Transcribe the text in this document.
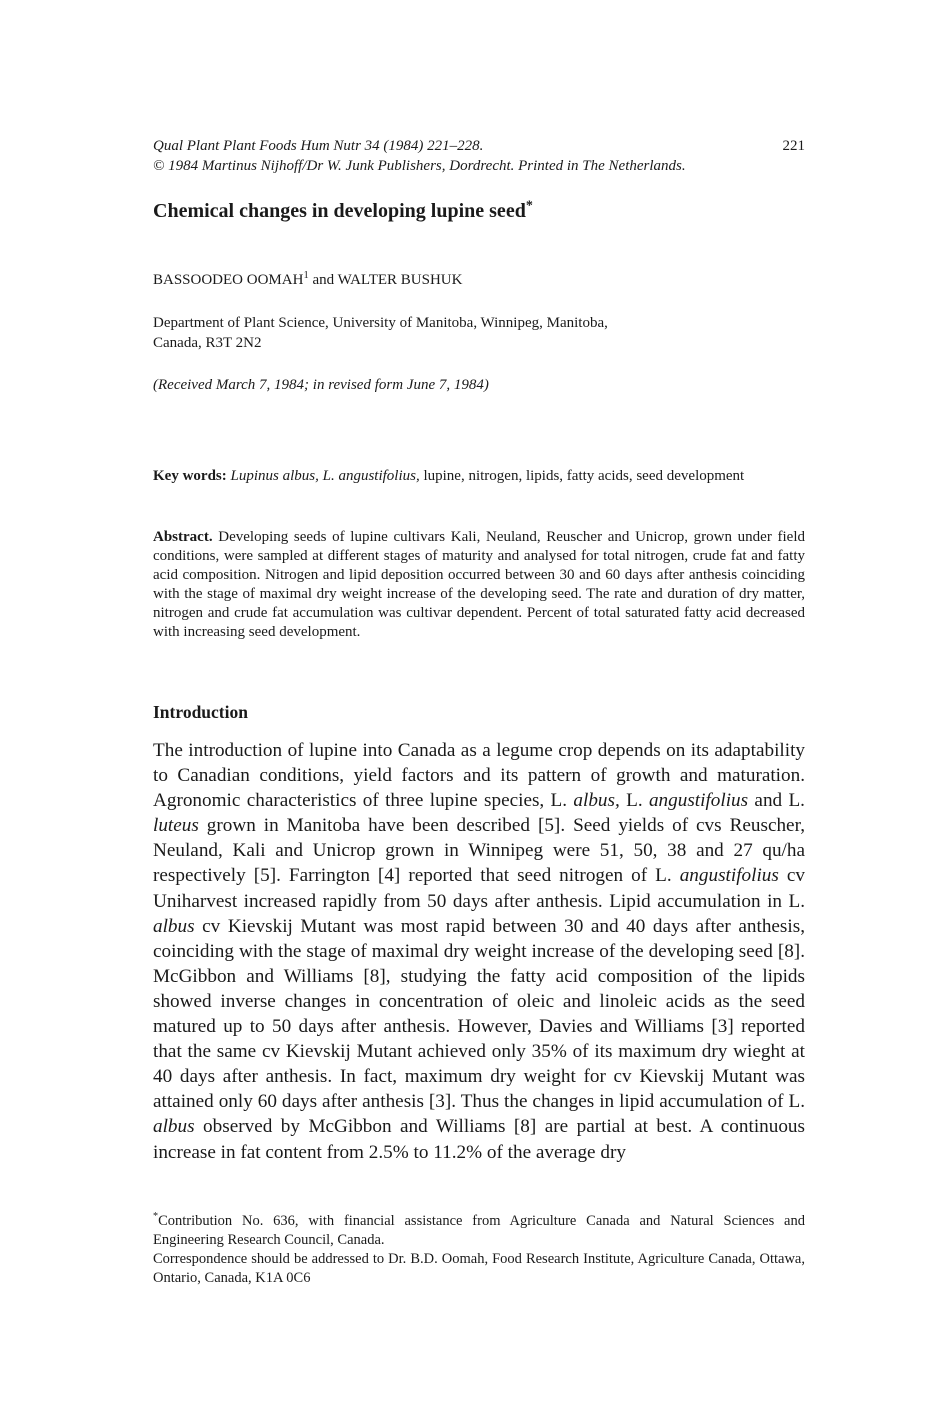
Qual Plant Plant Foods Hum Nutr 34 (1984) 221–228.	221
© 1984 Martinus Nijhoff/Dr W. Junk Publishers, Dordrecht. Printed in The Netherlands.
Chemical changes in developing lupine seed*
BASSOODEO OOMAH$^1$ and WALTER BUSHUK
Department of Plant Science, University of Manitoba, Winnipeg, Manitoba,
Canada, R3T 2N2
(Received March 7, 1984; in revised form June 7, 1984)
Key words: Lupinus albus, L. angustifolius, lupine, nitrogen, lipids, fatty acids, seed development
Abstract. Developing seeds of lupine cultivars Kali, Neuland, Reuscher and Unicrop, grown under field conditions, were sampled at different stages of maturity and analysed for total nitrogen, crude fat and fatty acid composition. Nitrogen and lipid deposition occurred between 30 and 60 days after anthesis coinciding with the stage of maximal dry weight increase of the developing seed. The rate and duration of dry matter, nitrogen and crude fat accumulation was cultivar dependent. Percent of total saturated fatty acid decreased with increasing seed development.
Introduction
The introduction of lupine into Canada as a legume crop depends on its adaptability to Canadian conditions, yield factors and its pattern of growth and maturation. Agronomic characteristics of three lupine species, L. albus, L. angustifolius and L. luteus grown in Manitoba have been described [5]. Seed yields of cvs Reuscher, Neuland, Kali and Unicrop grown in Winnipeg were 51, 50, 38 and 27 qu/ha respectively [5]. Farrington [4] reported that seed nitrogen of L. angustifolius cv Uniharvest increased rapidly from 50 days after anthesis. Lipid accumulation in L. albus cv Kievskij Mutant was most rapid between 30 and 40 days after anthesis, coinciding with the stage of maximal dry weight increase of the developing seed [8]. McGibbon and Williams [8], studying the fatty acid composition of the lipids showed inverse changes in concentration of oleic and linoleic acids as the seed matured up to 50 days after anthesis. However, Davies and Williams [3] reported that the same cv Kievskij Mutant achieved only 35% of its maximum dry wieght at 40 days after anthesis. In fact, maximum dry weight for cv Kievskij Mutant was attained only 60 days after anthesis [3]. Thus the changes in lipid accumulation of L. albus observed by McGibbon and Williams [8] are partial at best. A continuous increase in fat content from 2.5% to 11.2% of the average dry

*Contribution No. 636, with financial assistance from Agriculture Canada and Natural Sciences and Engineering Research Council, Canada.

Correspondence should be addressed to Dr. B.D. Oomah, Food Research Institute, Agriculture Canada, Ottawa, Ontario, Canada, K1A 0C6
